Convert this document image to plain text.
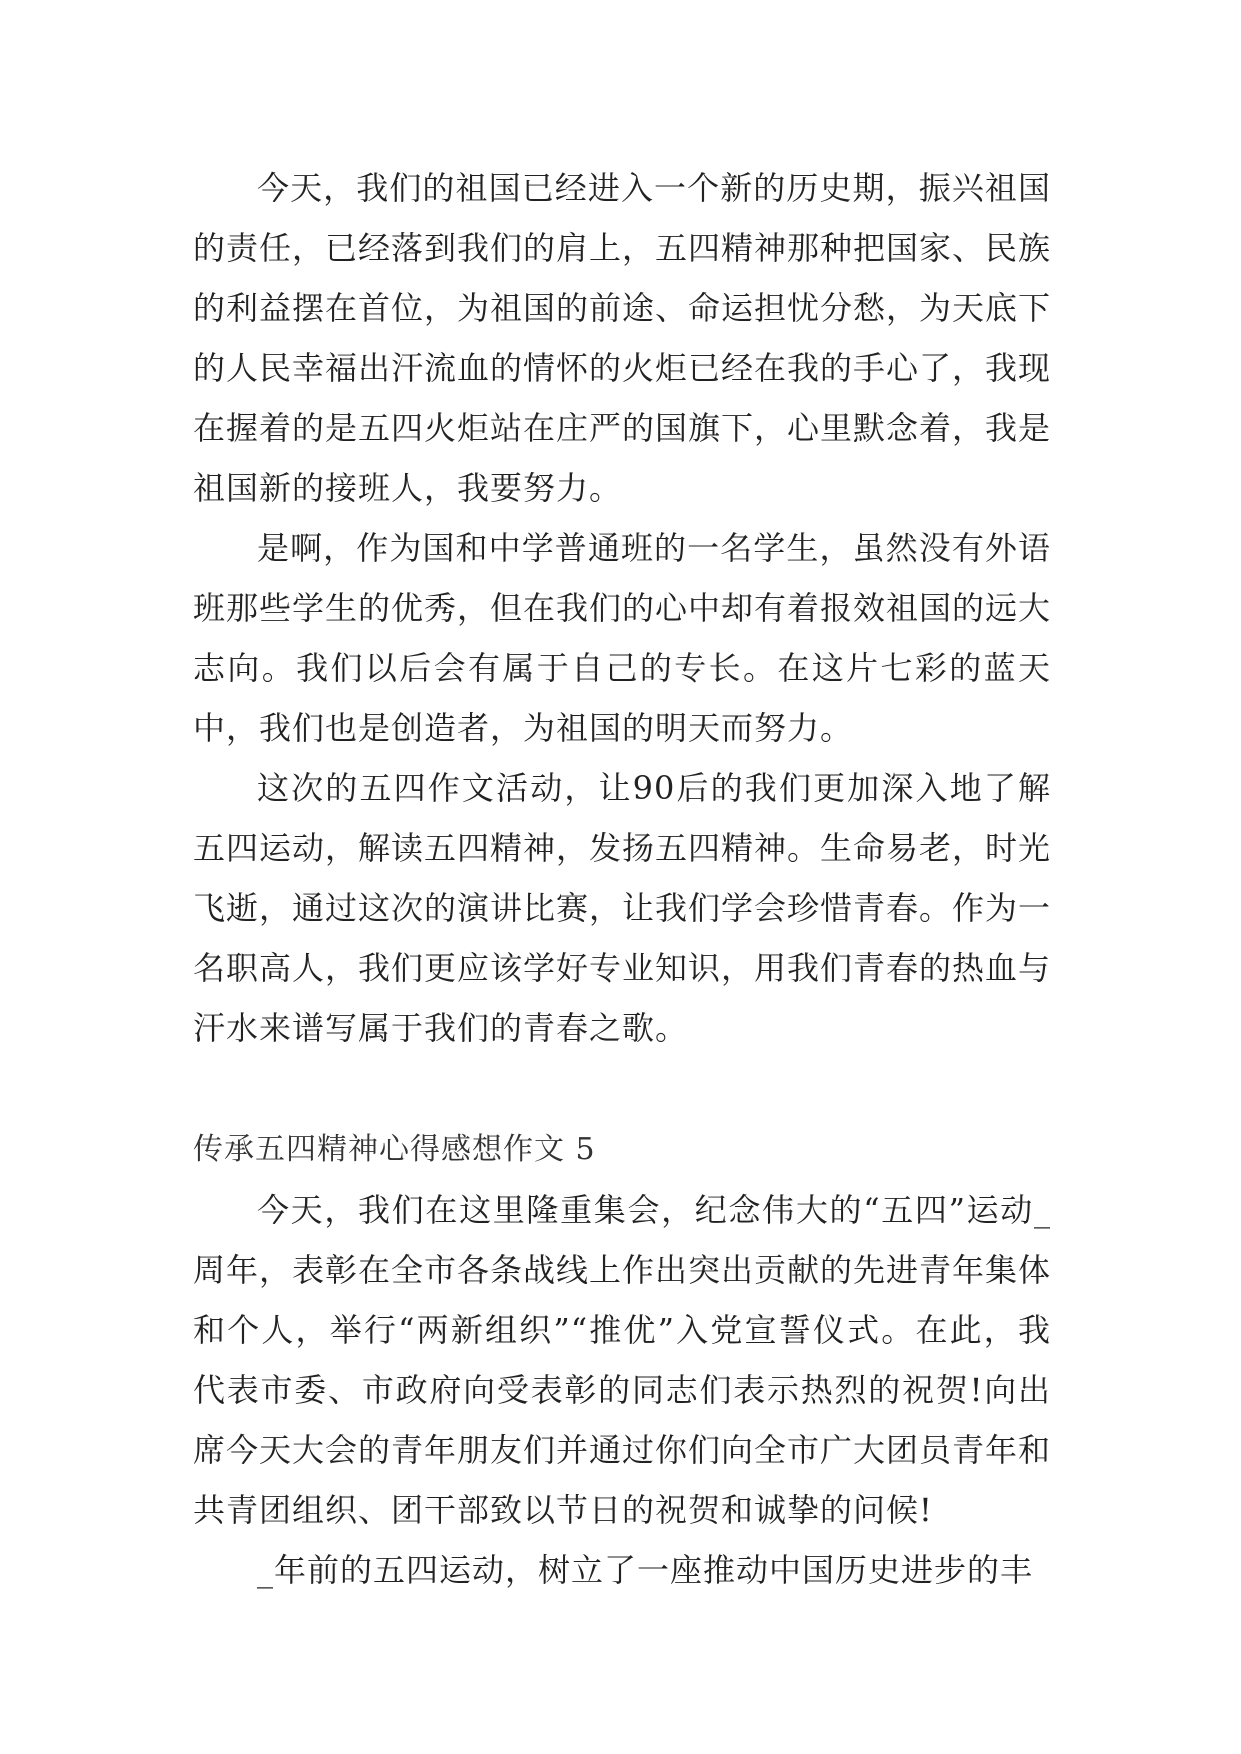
今天，我们的祖国已经进入一个新的历史期，振兴祖国的责任，已经落到我们的肩上，五四精神那种把国家、民族的利益摆在首位，为祖国的前途、命运担忧分愁，为天底下的人民幸福出汗流血的情怀的火炬已经在我的手心了，我现在握着的是五四火炬站在庄严的国旗下，心里默念着，我是祖国新的接班人，我要努力。

是啊，作为国和中学普通班的一名学生，虽然没有外语班那些学生的优秀，但在我们的心中却有着报效祖国的远大志向。我们以后会有属于自己的专长。在这片七彩的蓝天中，我们也是创造者，为祖国的明天而努力。

这次的五四作文活动，让90后的我们更加深入地了解五四运动，解读五四精神，发扬五四精神。生命易老，时光飞逝，通过这次的演讲比赛，让我们学会珍惜青春。作为一名职高人，我们更应该学好专业知识，用我们青春的热血与汗水来谱写属于我们的青春之歌。

传承五四精神心得感想作文 5

今天，我们在这里隆重集会，纪念伟大的“五四”运动_周年，表彰在全市各条战线上作出突出贡献的先进青年集体和个人，举行“两新组织”“推优”入党宣誓仪式。在此，我代表市委、市政府向受表彰的同志们表示热烈的祝贺!向出席今天大会的青年朋友们并通过你们向全市广大团员青年和共青团组织、团干部致以节日的祝贺和诚挚的问候!

_年前的五四运动，树立了一座推动中国历史进步的丰
